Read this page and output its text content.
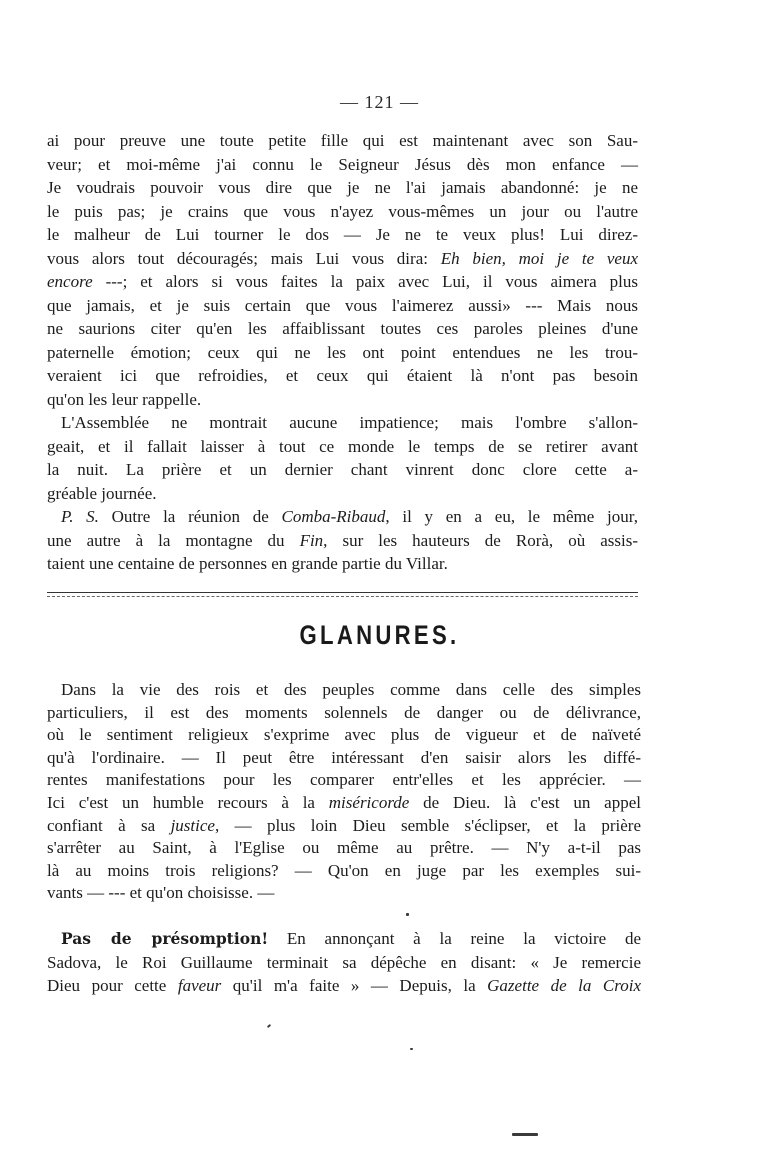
— 121 —
ai pour preuve une toute petite fille qui est maintenant avec son Sau-
veur; et moi-même j'ai connu le Seigneur Jésus dès mon enfance —
Je voudrais pouvoir vous dire que je ne l'ai jamais abandonné: je ne
le puis pas; je crains que vous n'ayez vous-mêmes un jour ou l'autre
le malheur de Lui tourner le dos — Je ne te veux plus! Lui direz-
vous alors tout découragés; mais Lui vous dira: Eh bien, moi je te veux
encore ---; et alors si vous faites la paix avec Lui, il vous aimera plus
que jamais, et je suis certain que vous l'aimerez aussi» --- Mais nous
ne saurions citer qu'en les affaiblissant toutes ces paroles pleines d'une
paternelle émotion; ceux qui ne les ont point entendues ne les trou-
veraient ici que refroidies, et ceux qui étaient là n'ont pas besoin
qu'on les leur rappelle.
L'Assemblée ne montrait aucune impatience; mais l'ombre s'allon-
geait, et il fallait laisser à tout ce monde le temps de se retirer avant
la nuit. La prière et un dernier chant vinrent donc clore cette a-
gréable journée.
P. S. Outre la réunion de Comba-Ribaud, il y en a eu, le même jour,
une autre à la montagne du Fin, sur les hauteurs de Rorà, où assis-
taient une centaine de personnes en grande partie du Villar.
GLANURES.
Dans la vie des rois et des peuples comme dans celle des simples
particuliers, il est des moments solennels de danger ou de délivrance,
où le sentiment religieux s'exprime avec plus de vigueur et de naïveté
qu'à l'ordinaire. — Il peut être intéressant d'en saisir alors les diffé-
rentes manifestations pour les comparer entr'elles et les apprécier. —
Ici c'est un humble recours à la miséricorde de Dieu. là c'est un appel
confiant à sa justice, — plus loin Dieu semble s'éclipser, et la prière
s'arrêter au Saint, à l'Eglise ou même au prêtre. — N'y a-t-il pas
là au moins trois religions? — Qu'on en juge par les exemples sui-
vants — --- et qu'on choisisse. —
Pas de présomption! En annonçant à la reine la victoire de
Sadova, le Roi Guillaume terminait sa dépêche en disant: « Je remercie
Dieu pour cette faveur qu'il m'a faite » — Depuis, la Gazette de la Croix
